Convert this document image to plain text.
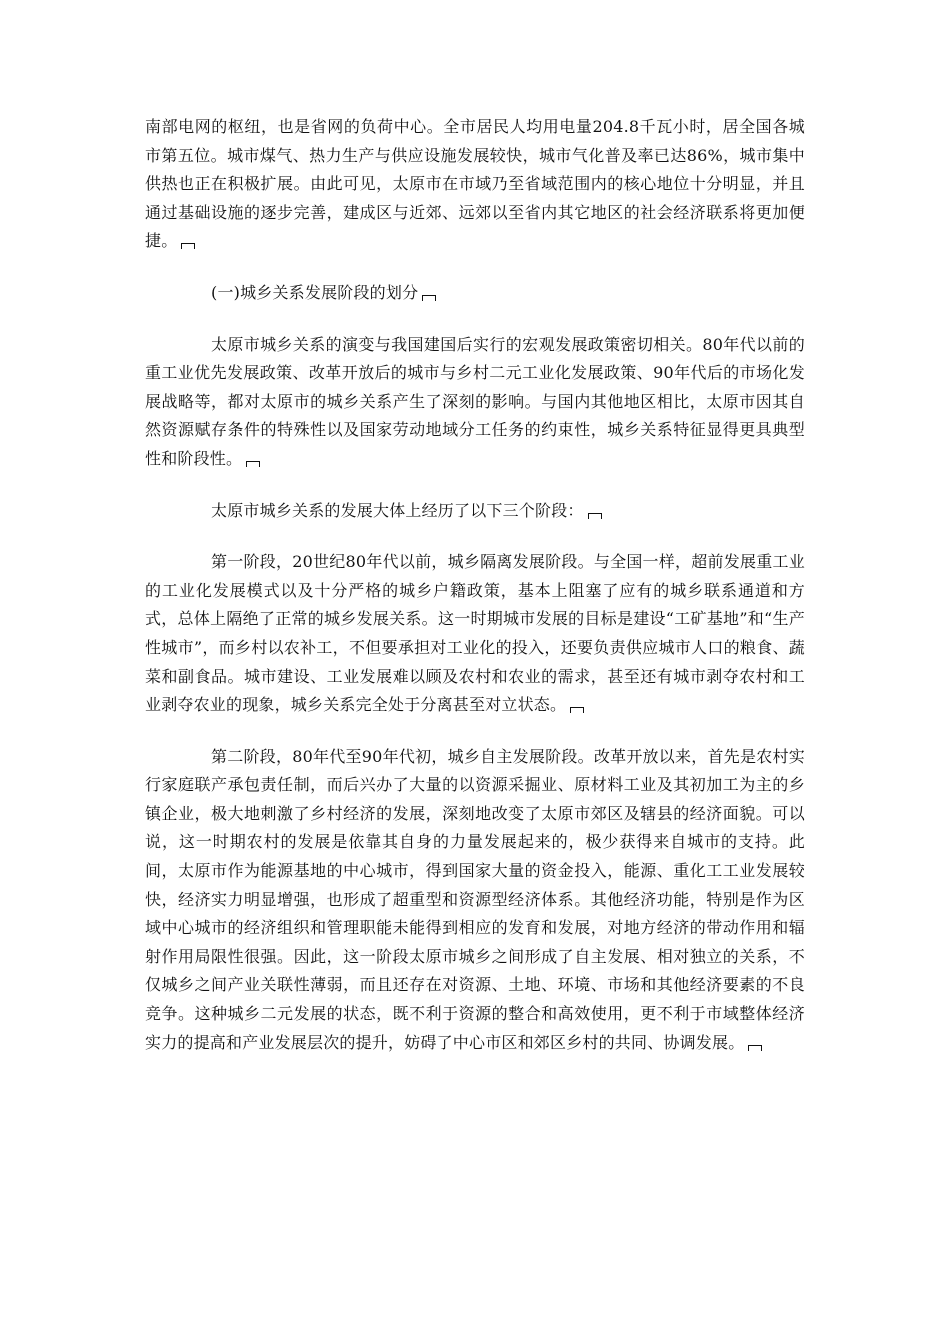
南部电网的枢纽，也是省网的负荷中心。全市居民人均用电量204.8千瓦小时，居全国各城市第五位。城市煤气、热力生产与供应设施发展较快，城市气化普及率已达86%，城市集中供热也正在积极扩展。由此可见，太原市在市域乃至省域范围内的核心地位十分明显，并且通过基础设施的逐步完善，建成区与近郊、远郊以至省内其它地区的社会经济联系将更加便捷。

(一)城乡关系发展阶段的划分

太原市城乡关系的演变与我国建国后实行的宏观发展政策密切相关。80年代以前的重工业优先发展政策、改革开放后的城市与乡村二元工业化发展政策、90年代后的市场化发展战略等，都对太原市的城乡关系产生了深刻的影响。与国内其他地区相比，太原市因其自然资源赋存条件的特殊性以及国家劳动地域分工任务的约束性，城乡关系特征显得更具典型性和阶段性。

太原市城乡关系的发展大体上经历了以下三个阶段：

第一阶段，20世纪80年代以前，城乡隔离发展阶段。与全国一样，超前发展重工业的工业化发展模式以及十分严格的城乡户籍政策，基本上阻塞了应有的城乡联系通道和方式，总体上隔绝了正常的城乡发展关系。这一时期城市发展的目标是建设“工矿基地”和“生产性城市”，而乡村以农补工，不但要承担对工业化的投入，还要负责供应城市人口的粮食、蔬菜和副食品。城市建设、工业发展难以顾及农村和农业的需求，甚至还有城市剥夺农村和工业剥夺农业的现象，城乡关系完全处于分离甚至对立状态。

第二阶段，80年代至90年代初，城乡自主发展阶段。改革开放以来，首先是农村实行家庭联产承包责任制，而后兴办了大量的以资源采掘业、原材料工业及其初加工为主的乡镇企业，极大地刺激了乡村经济的发展，深刻地改变了太原市郊区及辖县的经济面貌。可以说，这一时期农村的发展是依靠其自身的力量发展起来的，极少获得来自城市的支持。此间，太原市作为能源基地的中心城市，得到国家大量的资金投入，能源、重化工工业发展较快，经济实力明显增强，也形成了超重型和资源型经济体系。其他经济功能，特别是作为区域中心城市的经济组织和管理职能未能得到相应的发育和发展，对地方经济的带动作用和辐射作用局限性很强。因此，这一阶段太原市城乡之间形成了自主发展、相对独立的关系，不仅城乡之间产业关联性薄弱，而且还存在对资源、土地、环境、市场和其他经济要素的不良竞争。这种城乡二元发展的状态，既不利于资源的整合和高效使用，更不利于市域整体经济实力的提高和产业发展层次的提升，妨碍了中心市区和郊区乡村的共同、协调发展。
